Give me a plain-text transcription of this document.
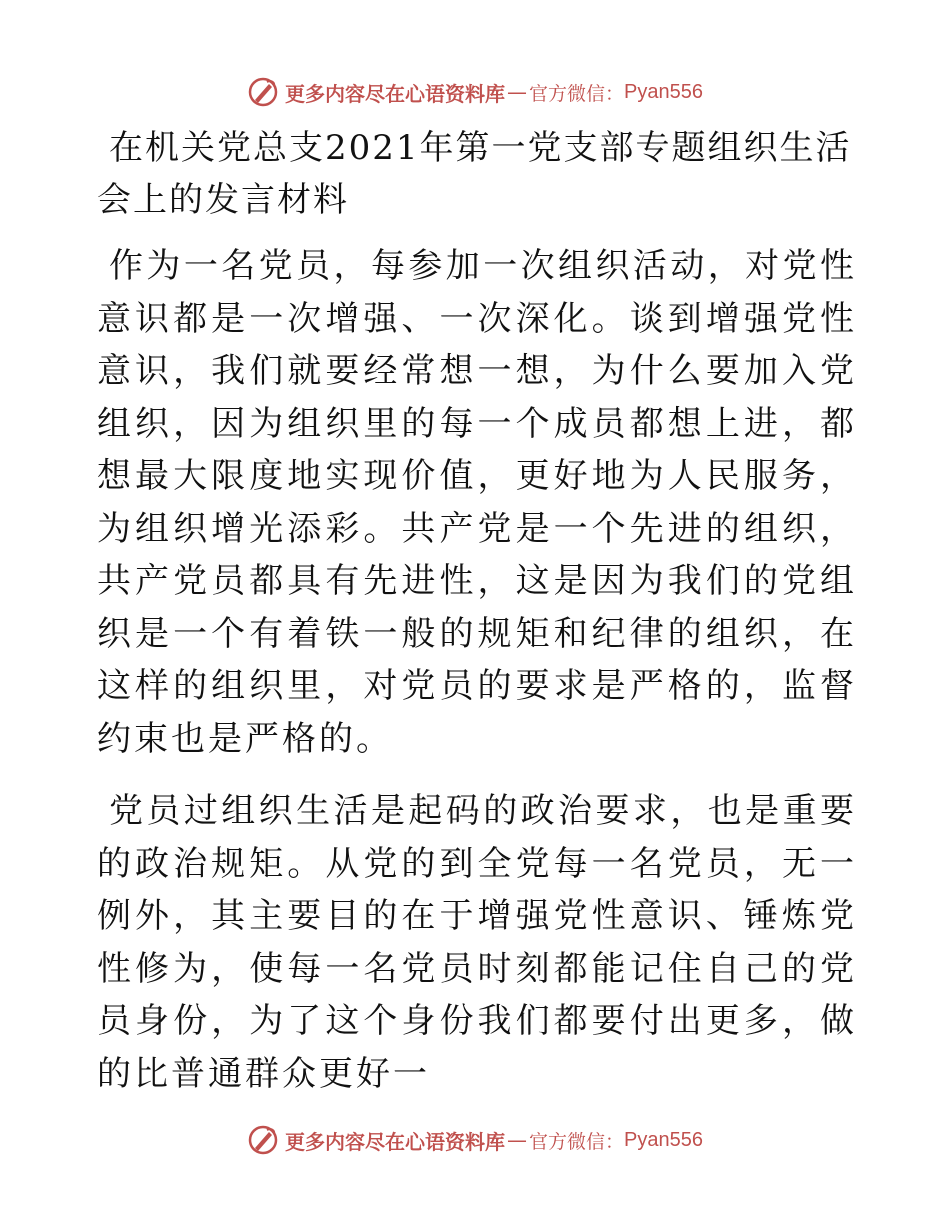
更多内容尽在心语资料库 — 官方微信： Pyan556
在机关党总支2021年第一党支部专题组织生活会上的发言材料

作为一名党员，每参加一次组织活动，对党性意识都是一次增强、一次深化。谈到增强党性意识，我们就要经常想一想，为什么要加入党组织，因为组织里的每一个成员都想上进，都想最大限度地实现价值，更好地为人民服务，为组织增光添彩。共产党是一个先进的组织，共产党员都具有先进性，这是因为我们的党组织是一个有着铁一般的规矩和纪律的组织，在这样的组织里，对党员的要求是严格的，监督约束也是严格的。

党员过组织生活是起码的政治要求，也是重要的政治规矩。从党的到全党每一名党员，无一例外，其主要目的在于增强党性意识、锤炼党性修为，使每一名党员时刻都能记住自己的党员身份，为了这个身份我们都要付出更多，做的比普通群众更好一

更多内容尽在心语资料库 — 官方微信： Pyan556
